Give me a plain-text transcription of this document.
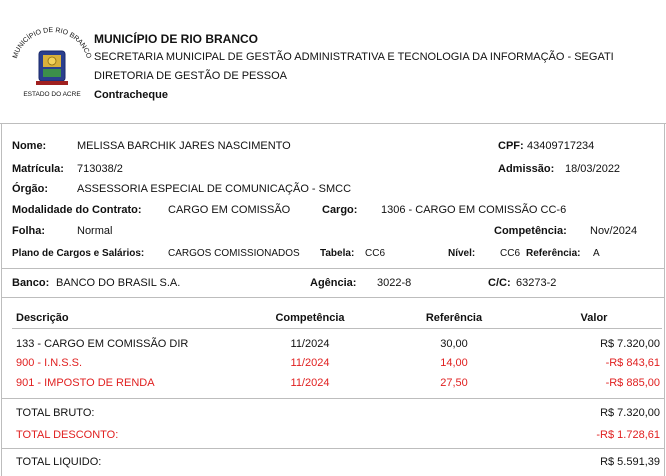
MUNICÍPIO DE RIO BRANCO
ESTADO DO ACRE
MUNICÍPIO DE RIO BRANCO
SECRETARIA MUNICIPAL DE GESTÃO ADMINISTRATIVA E TECNOLOGIA DA INFORMAÇÃO - SEGATI
DIRETORIA DE GESTÃO DE PESSOA
Contracheque
Nome:	MELISSA BARCHIK JARES NASCIMENTO	CPF: 43409717234
Matrícula: 713038/2	Admissão: 18/03/2022
Órgão:	ASSESSORIA ESPECIAL DE COMUNICAÇÃO - SMCC
Modalidade do Contrato: CARGO EM COMISSÃO	Cargo: 1306 - CARGO EM COMISSÃO CC-6
Folha:	Normal	Competência: Nov/2024
Plano de Cargos e Salários: CARGOS COMISSIONADOS Tabela: CC6	Nível: CC6 Referência: A
Banco: BANCO DO BRASIL S.A.	Agência: 3022-8	C/C: 63273-2
Descrição	Competência	Referência	Valor
133 - CARGO EM COMISSÃO DIR	11/2024	30,00	R$ 7.320,00
900 - I.N.S.S.	11/2024	14,00	-R$ 843,61
901 - IMPOSTO DE RENDA	11/2024	27,50	-R$ 885,00
TOTAL BRUTO:	R$ 7.320,00
TOTAL DESCONTO:	-R$ 1.728,61
TOTAL LIQUIDO:	R$ 5.591,39
